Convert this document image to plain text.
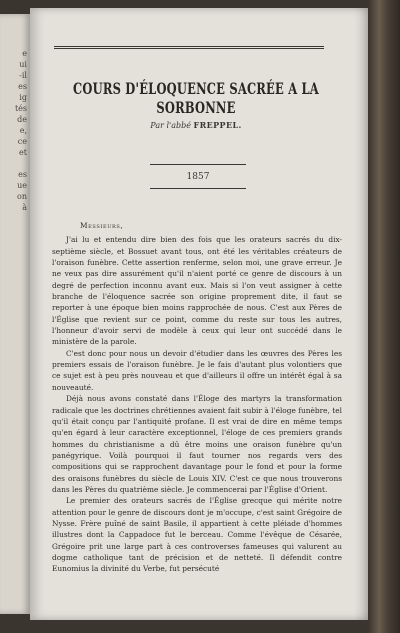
e
ui
-il
es
ig
tés
de
e,
ce
et

es
ue
on
à
COURS D'ÉLOQUENCE SACRÉE A LA SORBONNE

Par l'abbé FREPPEL.

1857

Messieurs,

J'ai lu et entendu dire bien des fois que les orateurs sacrés du dix-septième siècle, et Bossuet avant tous, ont été les véritables créateurs de l'oraison funèbre. Cette assertion renferme, selon moi, une grave erreur. Je ne veux pas dire assurément qu'il n'aient porté ce genre de discours à un degré de perfection inconnu avant eux. Mais si l'on veut assigner à cette branche de l'éloquence sacrée son origine proprement dite, il faut se reporter à une époque bien moins rapprochée de nous. C'est aux Pères de l'Église que revient sur ce point, comme du reste sur tous les autres, l'honneur d'avoir servi de modèle à ceux qui leur ont succédé dans le ministère de la parole.

C'est donc pour nous un devoir d'étudier dans les œuvres des Pères les premiers essais de l'oraison funèbre. Je le fais d'autant plus volontiers que ce sujet est à peu près nouveau et que d'ailleurs il offre un intérêt égal à sa nouveauté.

Déjà nous avons constaté dans l'Éloge des martyrs la transformation radicale que les doctrines chrétiennes avaient fait subir à l'éloge funèbre, tel qu'il était conçu par l'antiquité profane. Il est vrai de dire en même temps qu'en égard à leur caractère exceptionnel, l'éloge de ces premiers grands hommes du christianisme a dû être moins une oraison funèbre qu'un panégyrique. Voilà pourquoi il faut tourner nos regards vers des compositions qui se rapprochent davantage pour le fond et pour la forme des oraisons funèbres du siècle de Louis XIV. C'est ce que nous trouverons dans les Pères du quatrième siècle. Je commencerai par l'Église d'Orient.

Le premier des orateurs sacrés de l'Église grecque qui mérite notre attention pour le genre de discours dont je m'occupe, c'est saint Grégoire de Nysse. Frère puîné de saint Basile, il appartient à cette pléiade d'hommes illustres dont la Cappadoce fut le berceau. Comme l'évêque de Césarée, Grégoire prit une large part à ces controverses fameuses qui valurent au dogme catholique tant de précision et de netteté. Il défendit contre Eunomius la divinité du Verbe, fut persécuté
